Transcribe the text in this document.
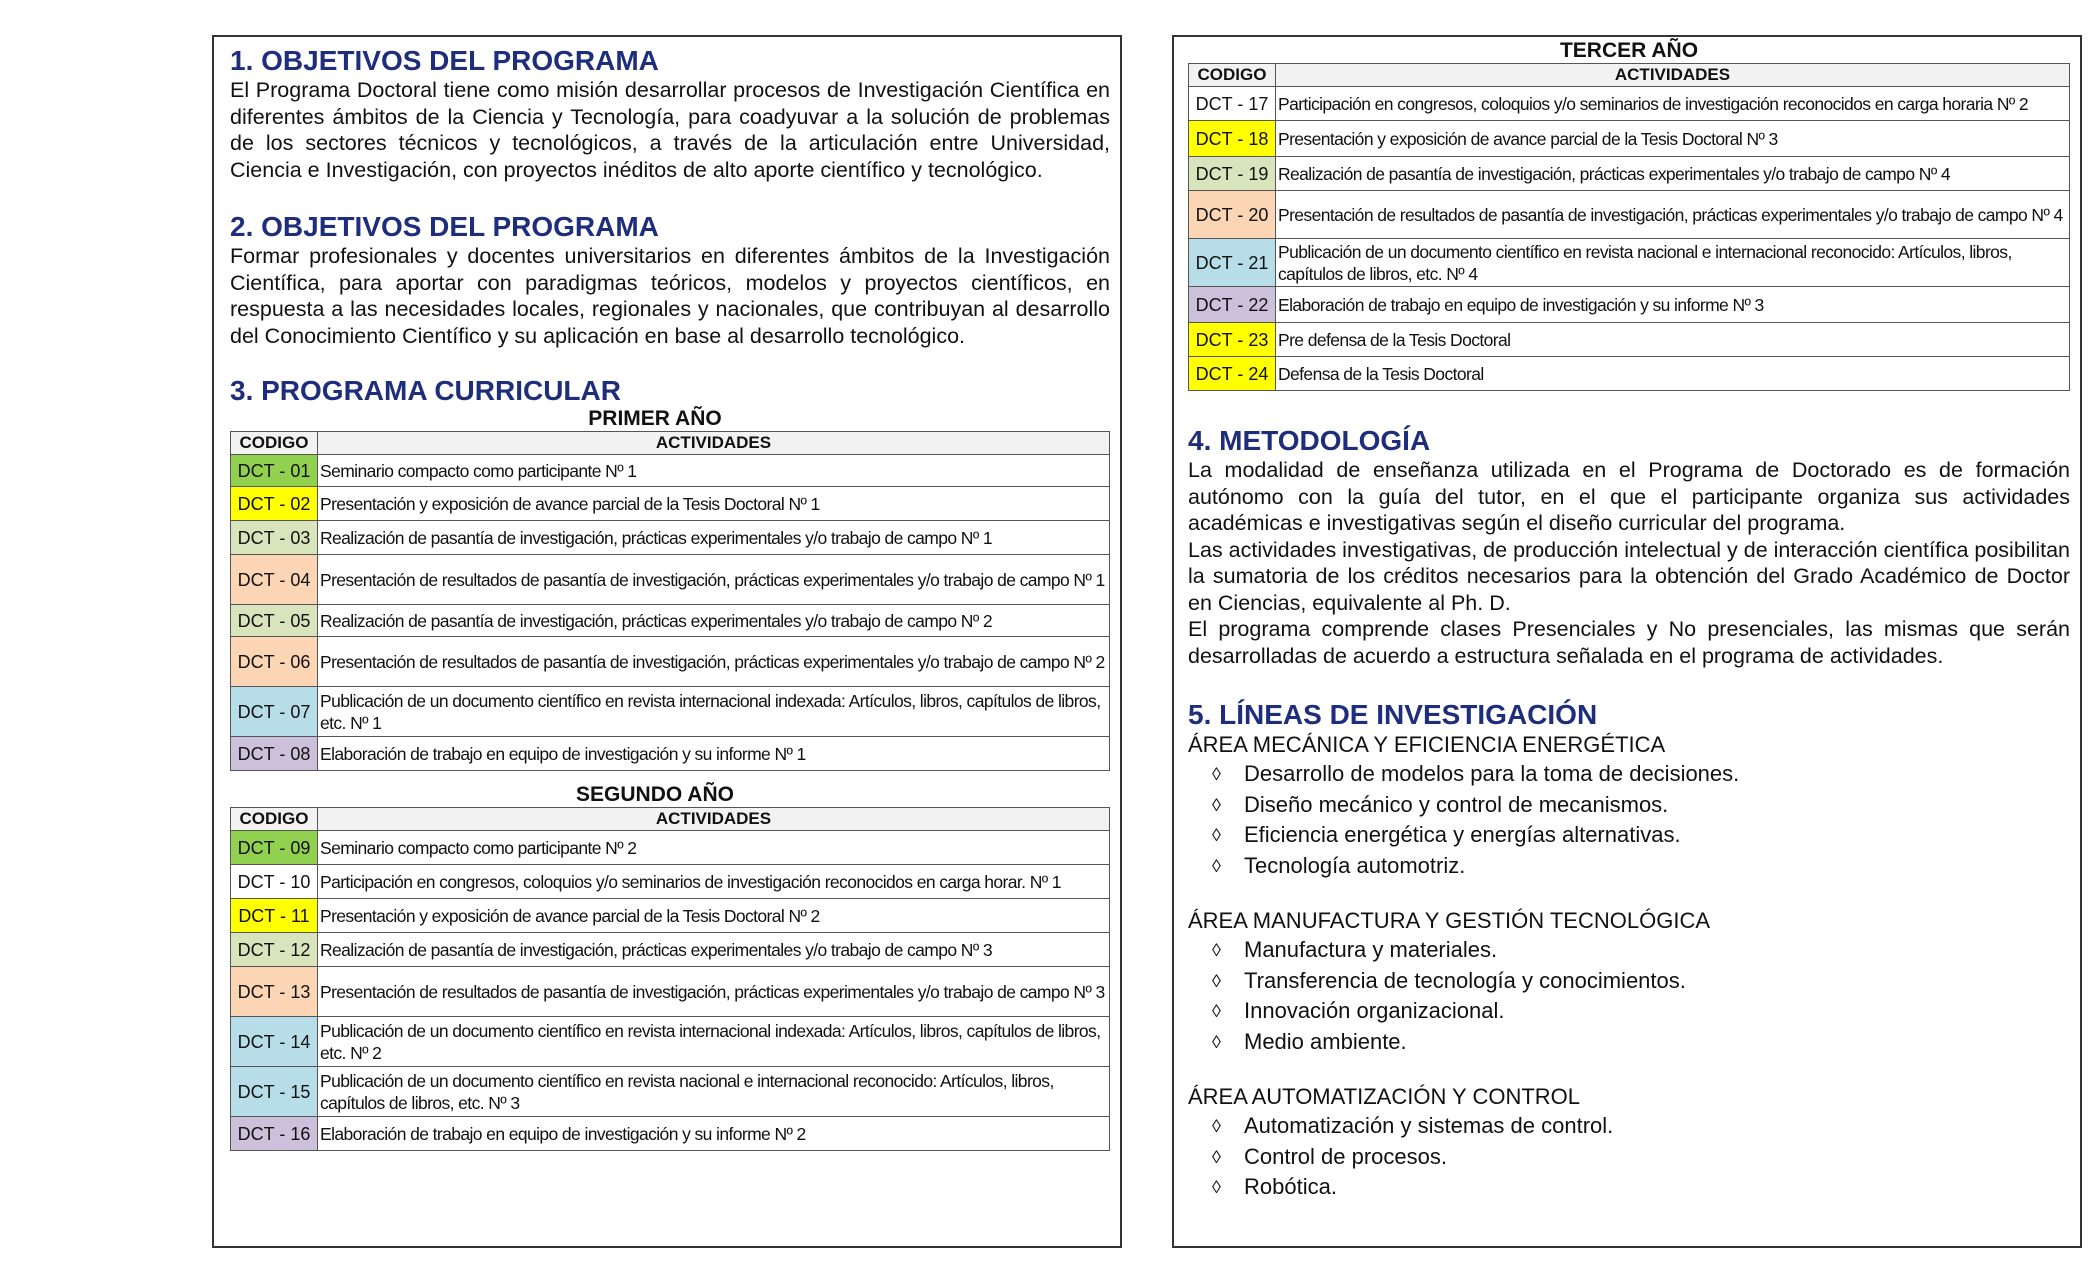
1. OBJETIVOS DEL PROGRAMA

El Programa Doctoral tiene como misión desarrollar procesos de Investigación Científica en diferentes ámbitos de la Ciencia y Tecnología, para coadyuvar a la solución de problemas de los sectores técnicos y tecnológicos, a través de la articulación entre Universidad, Ciencia e Investigación, con proyectos inéditos de alto aporte científico y tecnológico.

2. OBJETIVOS DEL PROGRAMA

Formar profesionales y docentes universitarios en diferentes ámbitos de la Investigación Científica, para aportar con paradigmas teóricos, modelos y proyectos científicos, en respuesta a las necesidades locales, regionales y nacionales, que contribuyan al desarrollo del Conocimiento Científico y su aplicación en base al desarrollo tecnológico.

3. PROGRAMA CURRICULAR

PRIMER AÑO

CODIGO	ACTIVIDADES
DCT - 01	Seminario compacto como participante Nº 1
DCT - 02	Presentación y exposición de avance parcial de la Tesis Doctoral Nº 1
DCT - 03	Realización de pasantía de investigación, prácticas experimentales y/o trabajo de campo Nº 1
DCT - 04	Presentación de resultados de pasantía de investigación, prácticas experimentales y/o trabajo de campo Nº 1
DCT - 05	Realización de pasantía de investigación, prácticas experimentales y/o trabajo de campo Nº 2
DCT - 06	Presentación de resultados de pasantía de investigación, prácticas experimentales y/o trabajo de campo Nº 2
DCT - 07	Publicación de un documento científico en revista internacional indexada: Artículos, libros, capítulos de libros, etc. Nº 1
DCT - 08	Elaboración de trabajo en equipo de investigación y su informe Nº 1

SEGUNDO AÑO

CODIGO	ACTIVIDADES
DCT - 09	Seminario compacto como participante Nº 2
DCT - 10	Participación en congresos, coloquios y/o seminarios de investigación reconocidos en carga horar. Nº 1
DCT - 11	Presentación y exposición de avance parcial de la Tesis Doctoral Nº 2
DCT - 12	Realización de pasantía de investigación, prácticas experimentales y/o trabajo de campo Nº 3
DCT - 13	Presentación de resultados de pasantía de investigación, prácticas experimentales y/o trabajo de campo Nº 3
DCT - 14	Publicación de un documento científico en revista internacional indexada: Artículos, libros, capítulos de libros, etc. Nº 2
DCT - 15	Publicación de un documento científico en revista nacional e internacional reconocido: Artículos, libros, capítulos de libros, etc. Nº 3
DCT - 16	Elaboración de trabajo en equipo de investigación y su informe Nº 2

TERCER AÑO

CODIGO	ACTIVIDADES
DCT - 17	Participación en congresos, coloquios y/o seminarios de investigación reconocidos en carga horaria Nº 2
DCT - 18	Presentación y exposición de avance parcial de la Tesis Doctoral Nº 3
DCT - 19	Realización de pasantía de investigación, prácticas experimentales y/o trabajo de campo Nº 4
DCT - 20	Presentación de resultados de pasantía de investigación, prácticas experimentales y/o trabajo de campo Nº 4
DCT - 21	Publicación de un documento científico en revista nacional e internacional reconocido: Artículos, libros, capítulos de libros, etc. Nº 4
DCT - 22	Elaboración de trabajo en equipo de investigación y su informe Nº 3
DCT - 23	Pre defensa de la Tesis Doctoral
DCT - 24	Defensa de la Tesis Doctoral
4. METODOLOGÍA

La modalidad de enseñanza utilizada en el Programa de Doctorado es de formación autónomo con la guía del tutor, en el que el participante organiza sus actividades académicas e investigativas según el diseño curricular del programa.

Las actividades investigativas, de producción intelectual y de interacción científica posibilitan la sumatoria de los créditos necesarios para la obtención del Grado Académico de Doctor en Ciencias, equivalente al Ph. D.

El programa comprende clases Presenciales y No presenciales, las mismas que serán desarrolladas de acuerdo a estructura señalada en el programa de actividades.

5. LÍNEAS DE INVESTIGACIÓN

ÁREA MECÁNICA Y EFICIENCIA ENERGÉTICA

◊	Desarrollo de modelos para la toma de decisiones.
◊	Diseño mecánico y control de mecanismos.
◊	Eficiencia energética y energías alternativas.
◊	Tecnología automotriz.

ÁREA MANUFACTURA Y GESTIÓN TECNOLÓGICA

◊	Manufactura y materiales.
◊	Transferencia de tecnología y conocimientos.
◊	Innovación organizacional.
◊	Medio ambiente.

ÁREA AUTOMATIZACIÓN Y CONTROL

◊	Automatización y sistemas de control.
◊	Control de procesos.
◊	Robótica.
